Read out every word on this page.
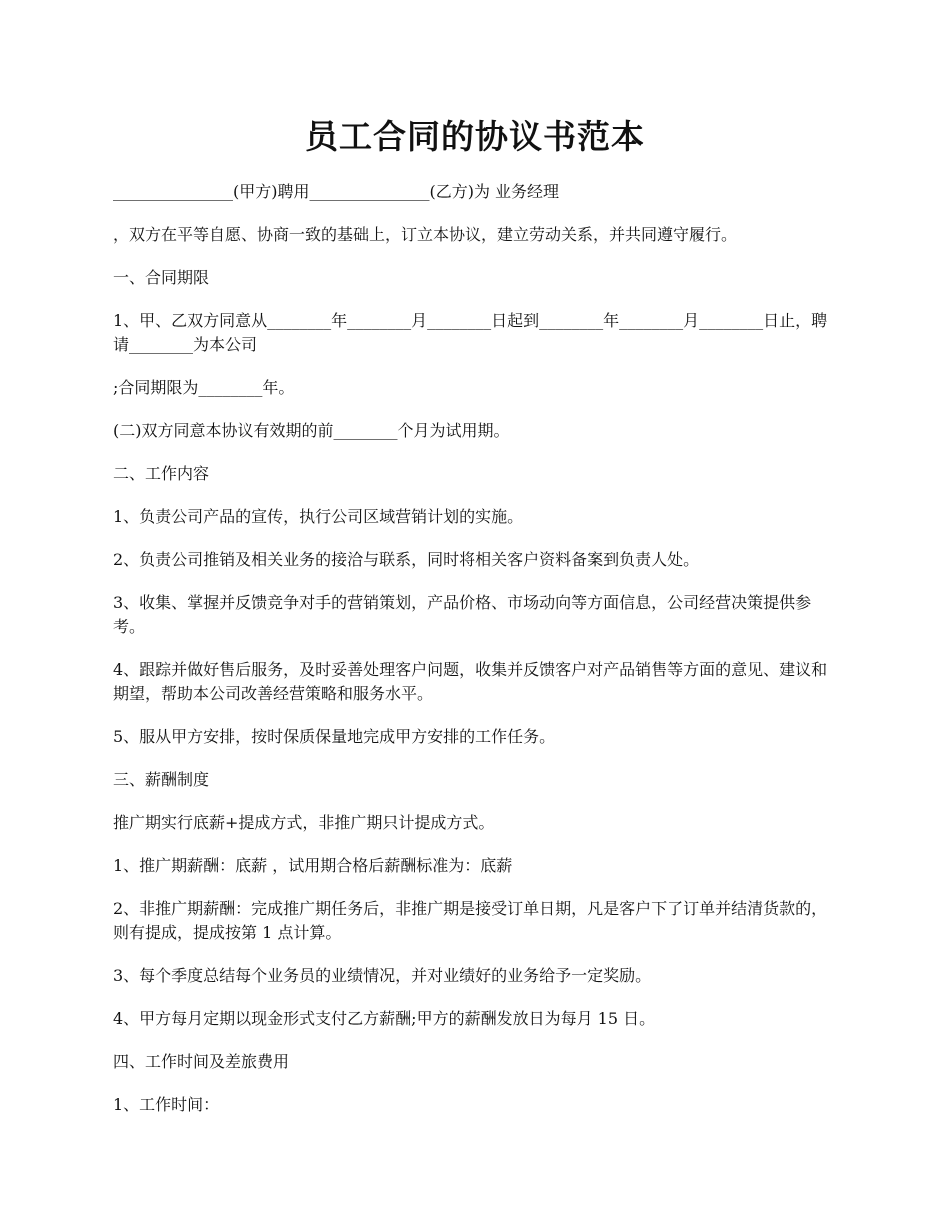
员工合同的协议书范本

_______________(甲方)聘用_______________(乙方)为 业务经理

，双方在平等自愿、协商一致的基础上，订立本协议，建立劳动关系，并共同遵守履行。

一、合同期限

1、甲、乙双方同意从________年________月________日起到________年________月________日止，聘请________为本公司

;合同期限为________年。

(二)双方同意本协议有效期的前________个月为试用期。

二、工作内容

1、负责公司产品的宣传，执行公司区域营销计划的实施。

2、负责公司推销及相关业务的接洽与联系，同时将相关客户资料备案到负责人处。

3、收集、掌握并反馈竞争对手的营销策划，产品价格、市场动向等方面信息，公司经营决策提供参考。

4、跟踪并做好售后服务，及时妥善处理客户问题，收集并反馈客户对产品销售等方面的意见、建议和期望，帮助本公司改善经营策略和服务水平。

5、服从甲方安排，按时保质保量地完成甲方安排的工作任务。

三、薪酬制度

推广期实行底薪+提成方式，非推广期只计提成方式。

1、推广期薪酬：底薪 ，试用期合格后薪酬标准为：底薪

2、非推广期薪酬：完成推广期任务后，非推广期是接受订单日期，凡是客户下了订单并结清货款的，则有提成，提成按第 1 点计算。

3、每个季度总结每个业务员的业绩情况，并对业绩好的业务给予一定奖励。

4、甲方每月定期以现金形式支付乙方薪酬;甲方的薪酬发放日为每月 15 日。

四、工作时间及差旅费用

1、工作时间：
